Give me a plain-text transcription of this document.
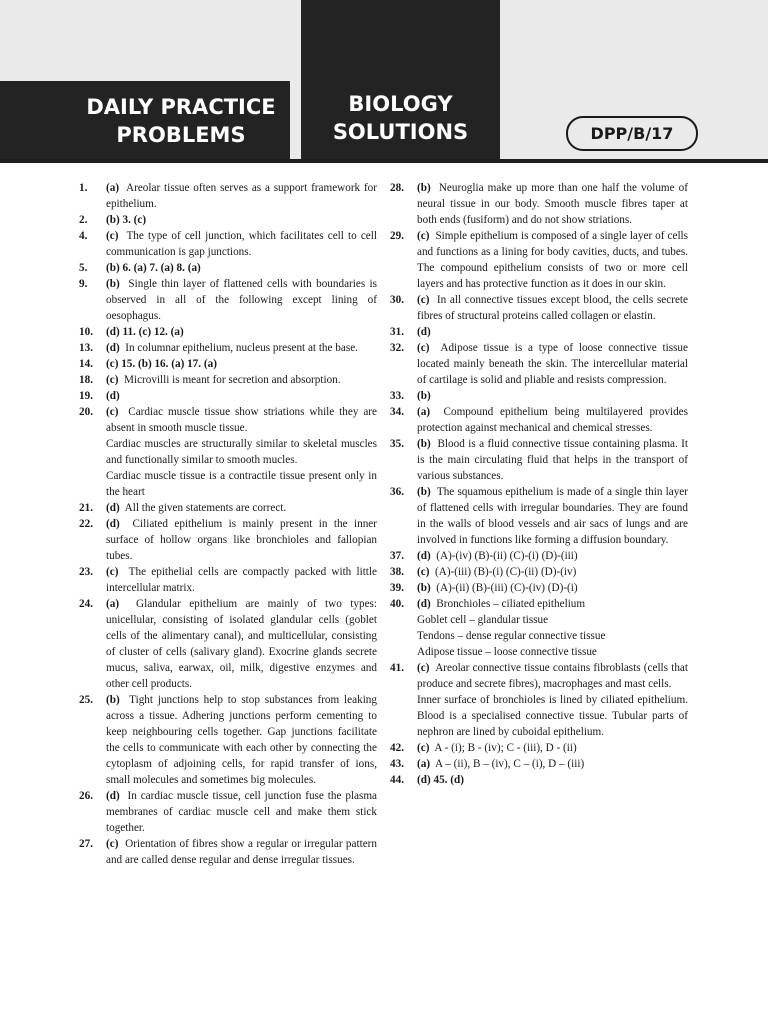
DAILY PRACTICE
PROBLEMS
BIOLOGY
SOLUTIONS	DPP/B/17
1. (a) Areolar tissue often serves as a support framework for epithelium.
2. (b) 3. (c)
4. (c) The type of cell junction, which facilitates cell to cell communication is gap junctions.
5. (b) 6. (a) 7. (a) 8. (a)
9. (b) Single thin layer of flattened cells with boundaries is observed in all of the following except lining of oesophagus.
10. (d) 11. (c) 12. (a)
13. (d) In columnar epithelium, nucleus present at the base.
14. (c) 15. (b) 16. (a) 17. (a)
18. (c) Microvilli is meant for secretion and absorption.
19. (d)
20. (c) Cardiac muscle tissue show striations while they are absent in smooth muscle tissue.
Cardiac muscles are structurally similar to skeletal muscles and functionally similar to smooth mucles.
Cardiac muscle tissue is a contractile tissue present only in the heart
21. (d) All the given statements are correct.
22. (d) Ciliated epithelium is mainly present in the inner surface of hollow organs like bronchioles and fallopian tubes.
23. (c) The epithelial cells are compactly packed with little intercellular matrix.
24. (a) Glandular epithelium are mainly of two types: unicellular, consisting of isolated glandular cells (goblet cells of the alimentary canal), and multicellular, consisting of cluster of cells (salivary gland). Exocrine glands secrete mucus, saliva, earwax, oil, milk, digestive enzymes and other cell products.
25. (b) Tight junctions help to stop substances from leaking across a tissue. Adhering junctions perform cementing to keep neighbouring cells together. Gap junctions facilitate the cells to communicate with each other by connecting the cytoplasm of adjoining cells, for rapid transfer of ions, small molecules and sometimes big molecules.
26. (d) In cardiac muscle tissue, cell junction fuse the plasma membranes of cardiac muscle cell and make them stick together.
27. (c) Orientation of fibres show a regular or irregular pattern and are called dense regular and dense irregular tissues.
28. (b) Neuroglia make up more than one half the volume of neural tissue in our body. Smooth muscle fibres taper at both ends (fusiform) and do not show striations.
29. (c) Simple epithelium is composed of a single layer of cells and functions as a lining for body cavities, ducts, and tubes. The compound epithelium consists of two or more cell layers and has protective function as it does in our skin.
30. (c) In all connective tissues except blood, the cells secrete fibres of structural proteins called collagen or elastin.
31. (d)
32. (c) Adipose tissue is a type of loose connective tissue located mainly beneath the skin. The intercellular material of cartilage is solid and pliable and resists compression.
33. (b)
34. (a) Compound epithelium being multilayered provides protection against mechanical and chemical stresses.
35. (b) Blood is a fluid connective tissue containing plasma. It is the main circulating fluid that helps in the transport of various substances.
36. (b) The squamous epithelium is made of a single thin layer of flattened cells with irregular boundaries. They are found in the walls of blood vessels and air sacs of lungs and are involved in functions like forming a diffusion boundary.
37. (d) (A)-(iv) (B)-(ii) (C)-(i) (D)-(iii)
38. (c) (A)-(iii) (B)-(i) (C)-(ii) (D)-(iv)
39. (b) (A)-(ii) (B)-(iii) (C)-(iv) (D)-(i)
40. (d) Bronchioles – ciliated epithelium
Goblet cell – glandular tissue
Tendons – dense regular connective tissue
Adipose tissue – loose connective tissue
41. (c) Areolar connective tissue contains fibroblasts (cells that produce and secrete fibres), macrophages and mast cells.
Inner surface of bronchioles is lined by ciliated epithelium. Blood is a specialised connective tissue. Tubular parts of nephron are lined by cuboidal epithelium.
42. (c) A - (i); B - (iv); C - (iii), D - (ii)
43. (a) A – (ii), B – (iv), C – (i), D – (iii)
44. (d) 45. (d)
